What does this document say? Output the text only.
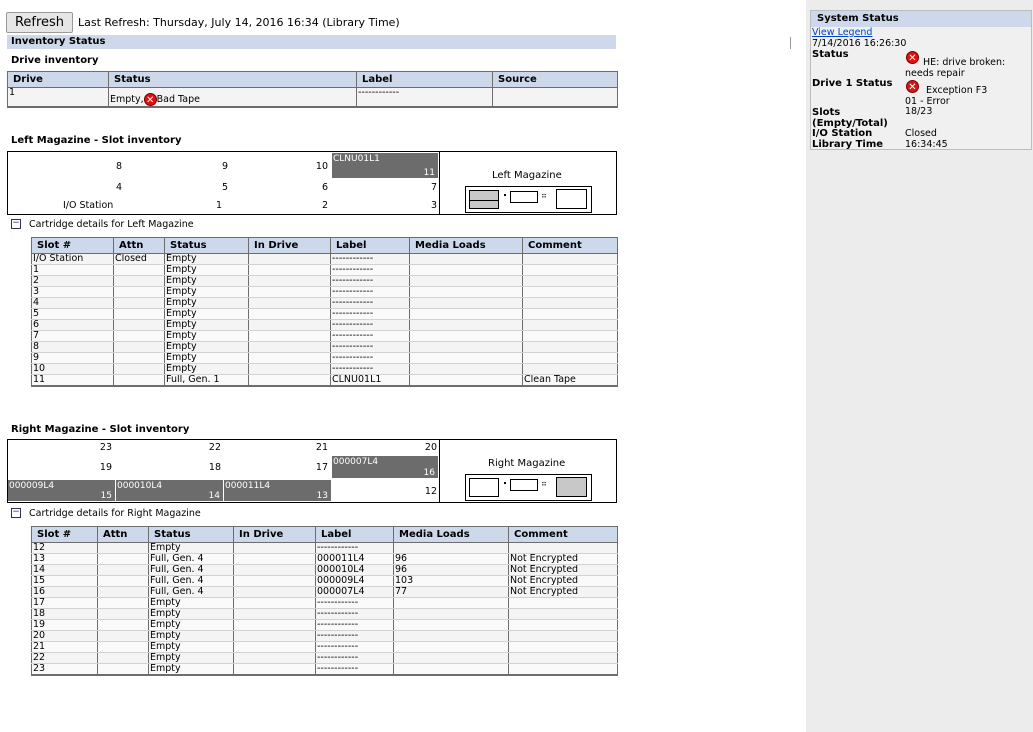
Refresh	Last Refresh: Thursday, July 14, 2016 16:34 (Library Time)
Inventory Status
Drive inventory
Drive	Status	Label	Source
1	Empty, ✕ Bad Tape	------------	
Left Magazine - Slot inventory
8	9	10
CLNU01L1
11
4	5	6	7
I/O Station	1	2	3
Left Magazine
⠶
− Cartridge details for Left Magazine
Slot #	Attn	Status	In Drive	Label	Media Loads	Comment
I/O Station	Closed	Empty		------------		
1		Empty		------------		
2		Empty		------------		
3		Empty		------------		
4		Empty		------------		
5		Empty		------------		
6		Empty		------------		
7		Empty		------------		
8		Empty		------------		
9		Empty		------------		
10		Empty		------------		
11		Full, Gen. 1		CLNU01L1		Clean Tape
Right Magazine - Slot inventory
23	22	21	20
19	18	17 000007L4
16
000009L4
15
000010L4
14
000011L4
13	12
Right Magazine
⠶
− Cartridge details for Right Magazine
Slot #	Attn	Status	In Drive	Label	Media Loads	Comment
12		Empty		------------		
13		Full, Gen. 4		000011L4	96	Not Encrypted
14		Full, Gen. 4		000010L4	96	Not Encrypted
15		Full, Gen. 4		000009L4	103	Not Encrypted
16		Full, Gen. 4		000007L4	77	Not Encrypted
17		Empty		------------		
18		Empty		------------		
19		Empty		------------		
20		Empty		------------		
21		Empty		------------		
22		Empty		------------		
23		Empty		------------		
System Status
View Legend
7/14/2016 16:26:30
Status	✕ HE: drive broken: needs repair
Drive 1 Status ✕ Exception F3
01 - Error
Slots (Empty/Total)
18/23
I/O Station	Closed
Library Time 16:34:45
